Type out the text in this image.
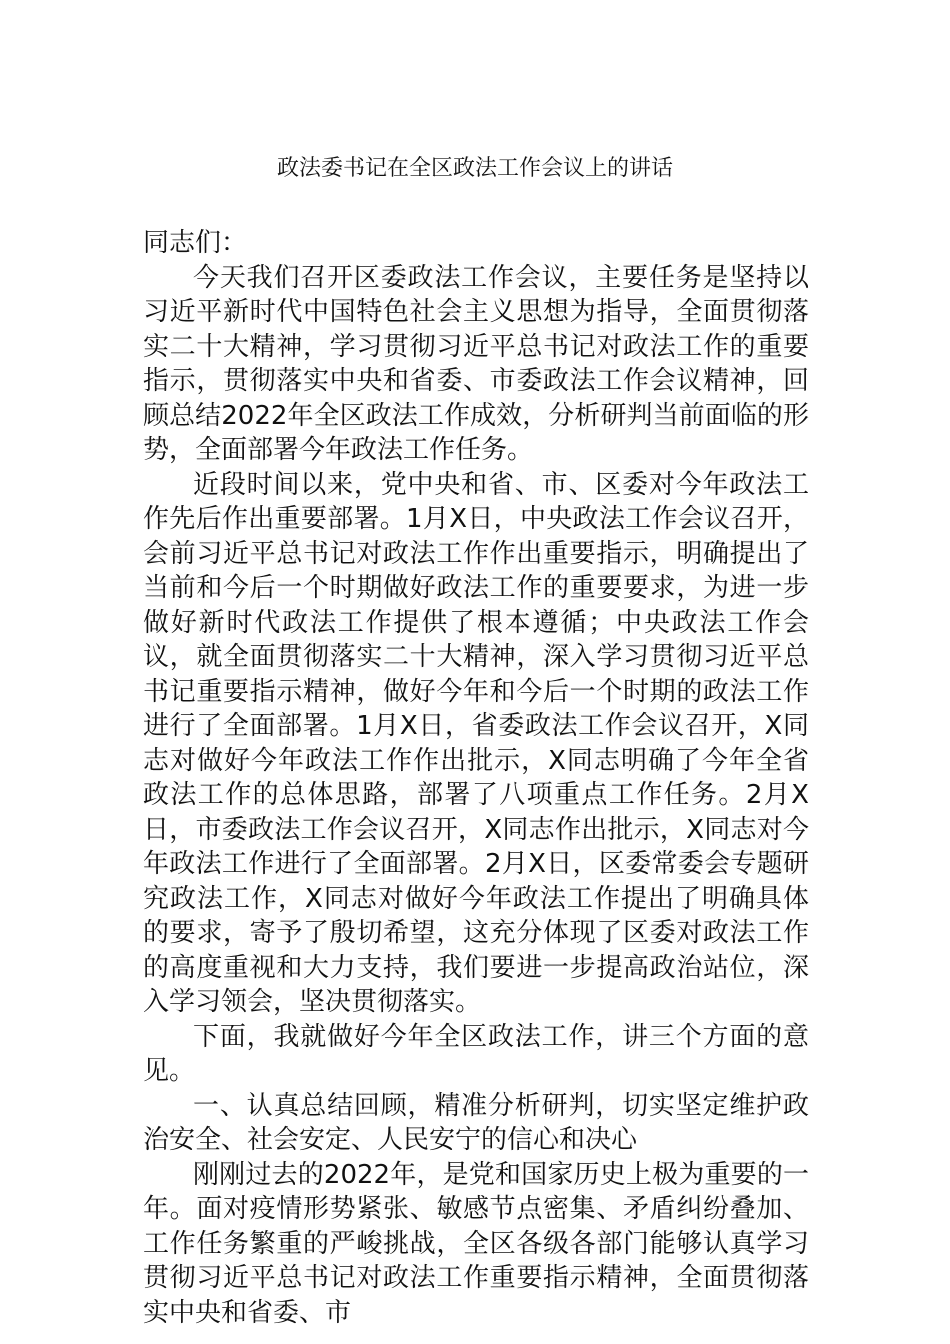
政法委书记在全区政法工作会议上的讲话

同志们：

今天我们召开区委政法工作会议，主要任务是坚持以习近平新时代中国特色社会主义思想为指导，全面贯彻落实二十大精神，学习贯彻习近平总书记对政法工作的重要指示，贯彻落实中央和省委、市委政法工作会议精神，回顾总结2022年全区政法工作成效，分析研判当前面临的形势，全面部署今年政法工作任务。

近段时间以来，党中央和省、市、区委对今年政法工作先后作出重要部署。1月X日，中央政法工作会议召开，会前习近平总书记对政法工作作出重要指示，明确提出了当前和今后一个时期做好政法工作的重要要求，为进一步做好新时代政法工作提供了根本遵循；中央政法工作会议，就全面贯彻落实二十大精神，深入学习贯彻习近平总书记重要指示精神，做好今年和今后一个时期的政法工作进行了全面部署。1月X日，省委政法工作会议召开，X同志对做好今年政法工作作出批示，X同志明确了今年全省政法工作的总体思路，部署了八项重点工作任务。2月X日，市委政法工作会议召开，X同志作出批示，X同志对今年政法工作进行了全面部署。2月X日，区委常委会专题研究政法工作，X同志对做好今年政法工作提出了明确具体的要求，寄予了殷切希望，这充分体现了区委对政法工作的高度重视和大力支持，我们要进一步提高政治站位，深入学习领会，坚决贯彻落实。

下面，我就做好今年全区政法工作，讲三个方面的意见。

一、认真总结回顾，精准分析研判，切实坚定维护政治安全、社会安定、人民安宁的信心和决心

刚刚过去的2022年，是党和国家历史上极为重要的一年。面对疫情形势紧张、敏感节点密集、矛盾纠纷叠加、工作任务繁重的严峻挑战，全区各级各部门能够认真学习贯彻习近平总书记对政法工作重要指示精神，全面贯彻落实中央和省委、市
